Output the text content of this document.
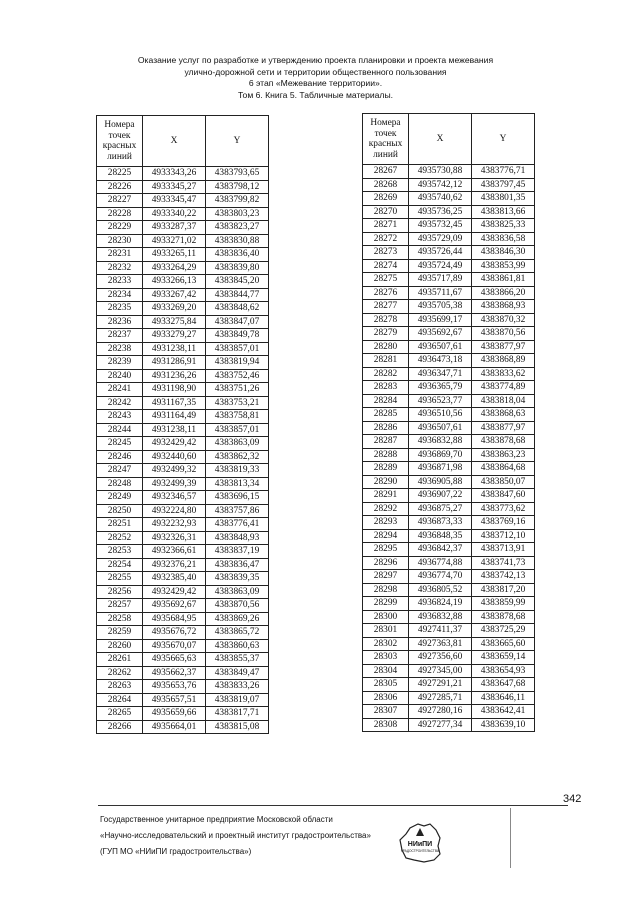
Оказание услуг по разработке и утверждению проекта планировки и проекта межевания
улично-дорожной сети и территории общественного пользования
6 этап «Межевание территории».
Том 6. Книга 5. Табличные материалы.
Номера
точек
красных
линий	X	Y
28225	4933343,26	4383793,65
28226	4933345,27	4383798,12
28227	4933345,47	4383799,82
28228	4933340,22	4383803,23
28229	4933287,37	4383823,27
28230	4933271,02	4383830,88
28231	4933265,11	4383836,40
28232	4933264,29	4383839,80
28233	4933266,13	4383845,20
28234	4933267,42	4383844,77
28235	4933269,20	4383848,62
28236	4933275,84	4383847,07
28237	4933279,27	4383849,78
28238	4931238,11	4383857,01
28239	4931286,91	4383819,94
28240	4931236,26	4383752,46
28241	4931198,90	4383751,26
28242	4931167,35	4383753,21
28243	4931164,49	4383758,81
28244	4931238,11	4383857,01
28245	4932429,42	4383863,09
28246	4932440,60	4383862,32
28247	4932499,32	4383819,33
28248	4932499,39	4383813,34
28249	4932346,57	4383696,15
28250	4932224,80	4383757,86
28251	4932232,93	4383776,41
28252	4932326,31	4383848,93
28253	4932366,61	4383837,19
28254	4932376,21	4383836,47
28255	4932385,40	4383839,35
28256	4932429,42	4383863,09
28257	4935692,67	4383870,56
28258	4935684,95	4383869,26
28259	4935676,72	4383865,72
28260	4935670,07	4383860,63
28261	4935665,63	4383855,37
28262	4935662,37	4383849,47
28263	4935653,76	4383833,26
28264	4935657,51	4383819,07
28265	4935659,66	4383817,71
28266	4935664,01	4383815,08
Номера
точек
красных
линий	X	Y
28267	4935730,88	4383776,71
28268	4935742,12	4383797,45
28269	4935740,62	4383801,35
28270	4935736,25	4383813,66
28271	4935732,45	4383825,33
28272	4935729,09	4383836,58
28273	4935726,44	4383846,30
28274	4935724,49	4383853,99
28275	4935717,89	4383861,81
28276	4935711,67	4383866,20
28277	4935705,38	4383868,93
28278	4935699,17	4383870,32
28279	4935692,67	4383870,56
28280	4936507,61	4383877,97
28281	4936473,18	4383868,89
28282	4936347,71	4383833,62
28283	4936365,79	4383774,89
28284	4936523,77	4383818,04
28285	4936510,56	4383868,63
28286	4936507,61	4383877,97
28287	4936832,88	4383878,68
28288	4936869,70	4383863,23
28289	4936871,98	4383864,68
28290	4936905,88	4383850,07
28291	4936907,22	4383847,60
28292	4936875,27	4383773,62
28293	4936873,33	4383769,16
28294	4936848,35	4383712,10
28295	4936842,37	4383713,91
28296	4936774,88	4383741,73
28297	4936774,70	4383742,13
28298	4936805,52	4383817,20
28299	4936824,19	4383859,99
28300	4936832,88	4383878,68
28301	4927411,37	4383725,29
28302	4927363,81	4383665,60
28303	4927356,60	4383659,14
28304	4927345,00	4383654,93
28305	4927291,21	4383647,68
28306	4927285,71	4383646,11
28307	4927280,16	4383642,41
28308	4927277,34	4383639,10
342
Государственное унитарное предприятие Московской области
«Научно-исследовательский и проектный институт градостроительства»
(ГУП МО «НИиПИ градостроительства»)
НИиПИ
ГРАДОСТРОИТЕЛЬСТВА
